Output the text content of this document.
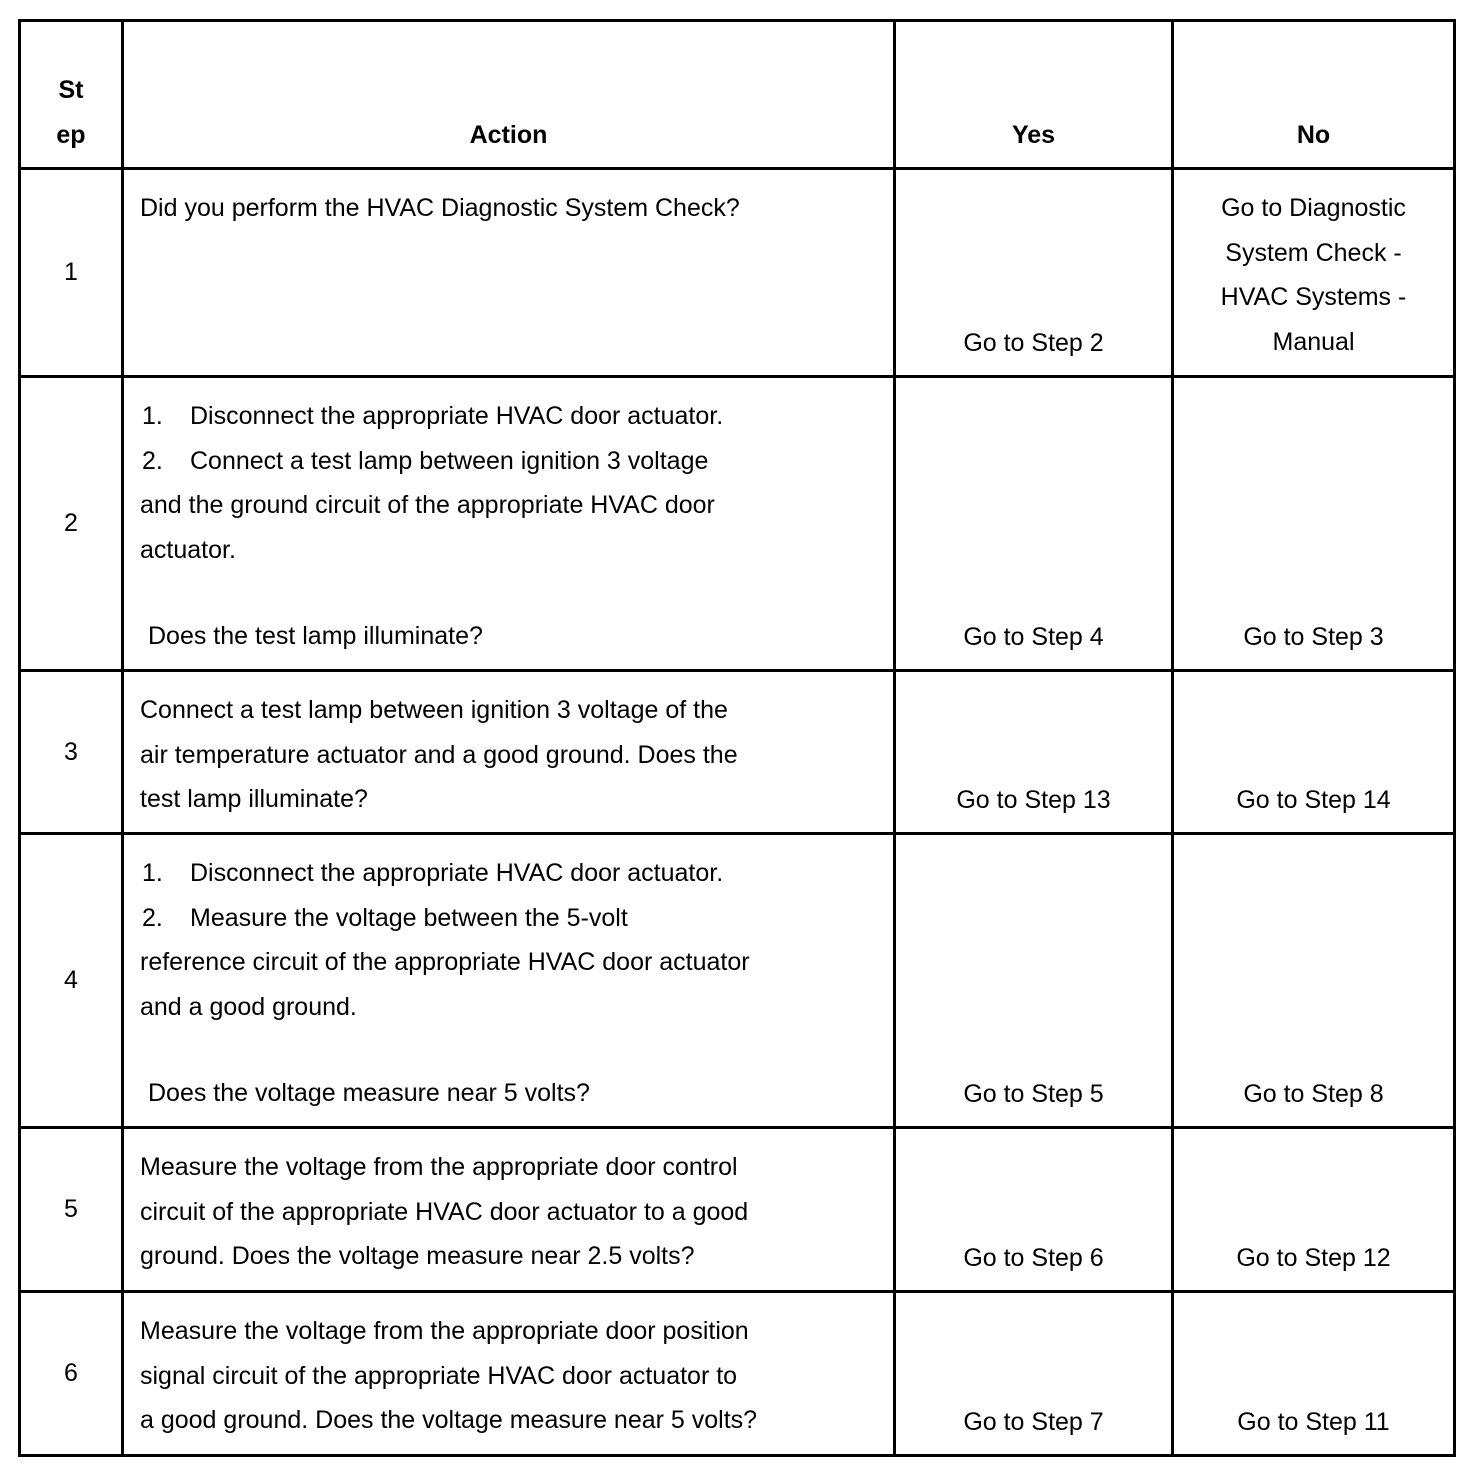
St
ep	Action	Yes	No
1	Did you perform the HVAC Diagnostic System Check?	Go to Step 2	Go to Diagnostic
System Check -
HVAC Systems -
Manual

2	1. Disconnect the appropriate HVAC door actuator.
2. Connect a test lamp between ignition 3 voltage
and the ground circuit of the appropriate HVAC door
actuator.
Does the test lamp illuminate?	Go to Step 4	Go to Step 3
3	Connect a test lamp between ignition 3 voltage of the
air temperature actuator and a good ground. Does the
test lamp illuminate?	Go to Step 13	Go to Step 14
4	1. Disconnect the appropriate HVAC door actuator.
2. Measure the voltage between the 5-volt
reference circuit of the appropriate HVAC door actuator
and a good ground.
Does the voltage measure near 5 volts?	Go to Step 5	Go to Step 8
5	Measure the voltage from the appropriate door control
circuit of the appropriate HVAC door actuator to a good
ground. Does the voltage measure near 2.5 volts?	Go to Step 6	Go to Step 12
6	Measure the voltage from the appropriate door position
signal circuit of the appropriate HVAC door actuator to
a good ground. Does the voltage measure near 5 volts?	Go to Step 7	Go to Step 11
